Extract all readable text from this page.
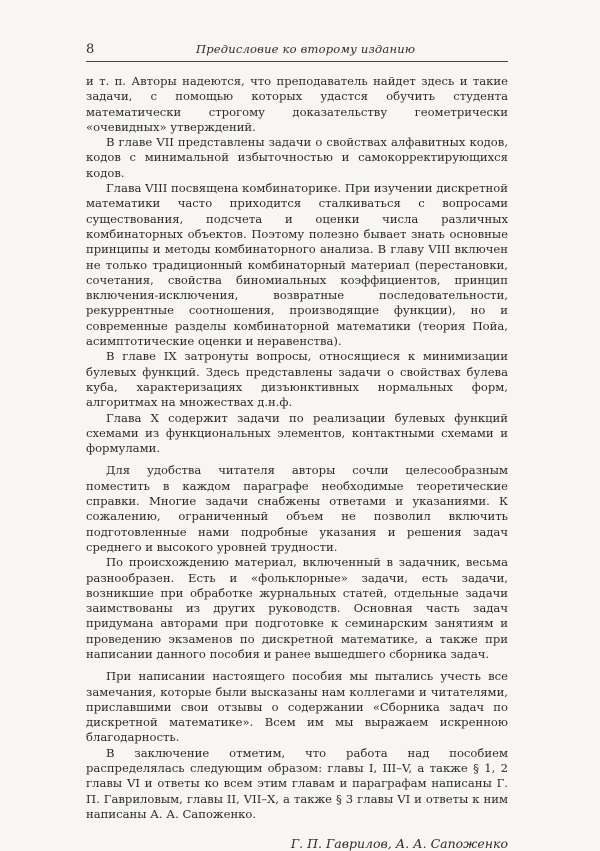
8	Предисловие ко второму изданию

и т. п. Авторы надеются, что преподаватель найдет здесь и такие задачи, с помощью которых удастся обучить студента математически строгому доказательству геометрически «очевидных» утверждений.

В главе VII представлены задачи о свойствах алфавитных кодов, кодов с минимальной избыточностью и самокорректирующихся кодов.

Глава VIII посвящена комбинаторике. При изучении дискретной математики часто приходится сталкиваться с вопросами существования, подсчета и оценки числа различных комбинаторных объектов. Поэтому полезно бывает знать основные принципы и методы комбинаторного анализа. В главу VIII включен не только традиционный комбинаторный материал (перестановки, сочетания, свойства биномиальных коэффициентов, принцип включения-исключения, возвратные последовательности, рекуррентные соотношения, производящие функции), но и современные разделы комбинаторной математики (теория Пойа, асимптотические оценки и неравенства).

В главе IX затронуты вопросы, относящиеся к минимизации булевых функций. Здесь представлены задачи о свойствах булева куба, характеризациях дизъюнктивных нормальных форм, алгоритмах на множествах д.н.ф.

Глава X содержит задачи по реализации булевых функций схемами из функциональных элементов, контактными схемами и формулами.

Для удобства читателя авторы сочли целесообразным поместить в каждом параграфе необходимые теоретические справки. Многие задачи снабжены ответами и указаниями. К сожалению, ограниченный объем не позволил включить подготовленные нами подробные указания и решения задач среднего и высокого уровней трудности.

По происхождению материал, включенный в задачник, весьма разнообразен. Есть и «фольклорные» задачи, есть задачи, возникшие при обработке журнальных статей, отдельные задачи заимствованы из других руководств. Основная часть задач придумана авторами при подготовке к семинарским занятиям и проведению экзаменов по дискретной математике, а также при написании данного пособия и ранее вышедшего сборника задач.

При написании настоящего пособия мы пытались учесть все замечания, которые были высказаны нам коллегами и читателями, приславшими свои отзывы о содержании «Сборника задач по дискретной математике». Всем им мы выражаем искренною благодарность.

В заключение отметим, что работа над пособием распределялась следующим образом: главы I, III–V, а также § 1, 2 главы VI и ответы ко всем этим главам и параграфам написаны Г. П. Гавриловым, главы II, VII–X, а также § 3 главы VI и ответы к ним написаны А. А. Сапоженко.

Г. П. Гаврилов, А. А. Сапоженко
